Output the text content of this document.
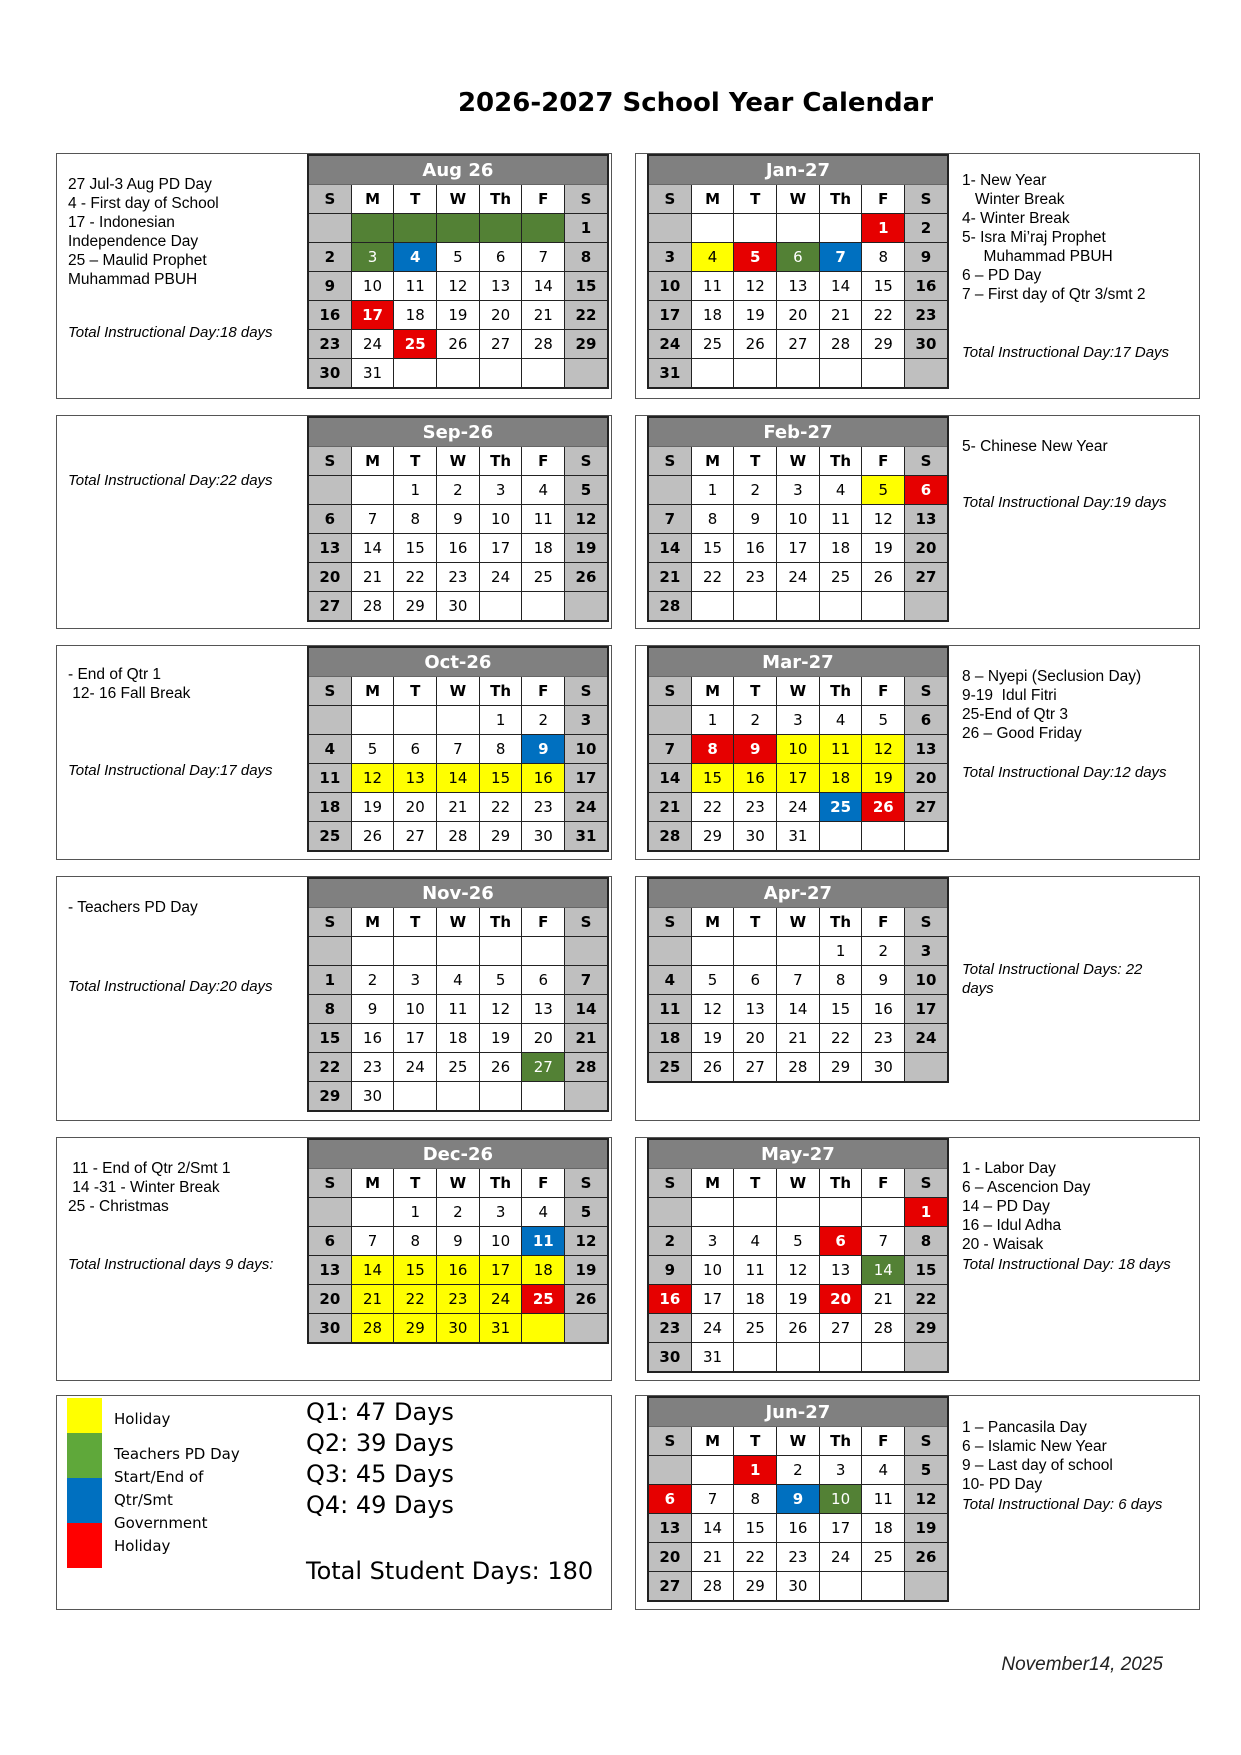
2026-2027 School Year Calendar
Aug 26						
S	M	T	W	Th	F	S
						1
2	3	4	5	6	7	8
9	10	11	12	13	14	15
16	17	18	19	20	21	22
23	24	25	26	27	28	29
30	31					
Jan-27						
S	M	T	W	Th	F	S
					1	2
3	4	5	6	7	8	9
10	11	12	13	14	15	16
17	18	19	20	21	22	23
24	25	26	27	28	29	30
31						
27 Jul-3 Aug PD Day
4 - First day of School
17 - Indonesian
Independence Day
25 – Maulid Prophet
Muhammad PBUH
Total Instructional Day:18 days
1- New Year
Winter Break
4- Winter Break
5- Isra Mi’raj Prophet
Muhammad PBUH
6 – PD Day
7 – First day of Qtr 3/smt 2
Total Instructional Day:17 Days
Sep-26						
S	M	T	W	Th	F	S
		1	2	3	4	5
6	7	8	9	10	11	12
13	14	15	16	17	18	19
20	21	22	23	24	25	26
27	28	29	30			
Feb-27						
S	M	T	W	Th	F	S
	1	2	3	4	5	6
7	8	9	10	11	12	13
14	15	16	17	18	19	20
21	22	23	24	25	26	27
28						
Total Instructional Day:22 days
5- Chinese New Year
Total Instructional Day:19 days
Oct-26						
S	M	T	W	Th	F	S
				1	2	3
4	5	6	7	8	9	10
11	12	13	14	15	16	17
18	19	20	21	22	23	24
25	26	27	28	29	30	31
Mar-27						
S	M	T	W	Th	F	S
	1	2	3	4	5	6
7	8	9	10	11	12	13
14	15	16	17	18	19	20
21	22	23	24	25	26	27
28	29	30	31			
- End of Qtr 1
12- 16 Fall Break
Total Instructional Day:17 days
8 – Nyepi (Seclusion Day)
9-19  Idul Fitri
25-End of Qtr 3
26 – Good Friday
Total Instructional Day:12 days
Nov-26						
S	M	T	W	Th	F	S

1	2	3	4	5	6	7
8	9	10	11	12	13	14
15	16	17	18	19	20	21
22	23	24	25	26	27	28
29	30					
Apr-27						
S	M	T	W	Th	F	S
				1	2	3
4	5	6	7	8	9	10
11	12	13	14	15	16	17
18	19	20	21	22	23	24
25	26	27	28	29	30	
- Teachers PD Day
Total Instructional Day:20 days
Total Instructional Days: 22
days
Dec-26						
S	M	T	W	Th	F	S
		1	2	3	4	5
6	7	8	9	10	11	12
13	14	15	16	17	18	19
20	21	22	23	24	25	26
30	28	29	30	31		
May-27						
S	M	T	W	Th	F	S
						1
2	3	4	5	6	7	8
9	10	11	12	13	14	15
16	17	18	19	20	21	22
23	24	25	26	27	28	29
30	31					
11 - End of Qtr 2/Smt 1
14 -31 - Winter Break
25 - Christmas
Total Instructional days 9 days:
1 - Labor Day
6 – Ascencion Day
14 – PD Day
16 – Idul Adha
20 - Waisak
Total Instructional Day: 18 days
Jun-27						
S	M	T	W	Th	F	S
		1	2	3	4	5
6	7	8	9	10	11	12
13	14	15	16	17	18	19
20	21	22	23	24	25	26
27	28	29	30			
1 – Pancasila Day
6 – Islamic New Year
9 – Last day of school
10- PD Day
Total Instructional Day: 6 days
Holiday
Teachers PD Day
Start/End of
Qtr/Smt
Government
Holiday
Q1: 47 Days
Q2: 39 Days
Q3: 45 Days
Q4: 49 Days
Total Student Days: 180
November14, 2025
